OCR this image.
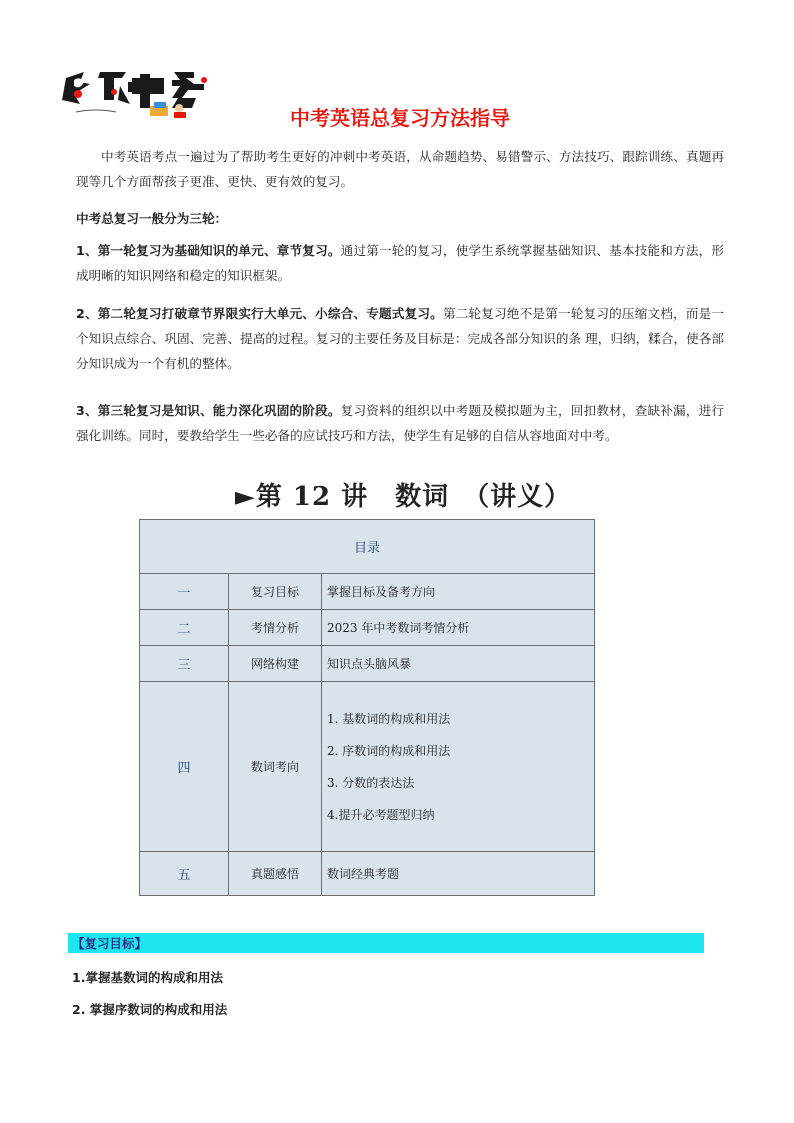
中考英语总复习方法指导
中考英语考点一遍过为了帮助考生更好的冲刺中考英语，从命题趋势、易错警示、方法技巧、跟踪训练、真题再现等几个方面帮孩子更准、更快、更有效的复习。
中考总复习一般分为三轮：
1、第一轮复习为基础知识的单元、章节复习。通过第一轮的复习，使学生系统掌握基础知识、基本技能和方法，形成明晰的知识网络和稳定的知识框架。
2、第二轮复习打破章节界限实行大单元、小综合、专题式复习。第二轮复习绝不是第一轮复习的压缩文档，而是一个知识点综合、巩固、完善、提高的过程。复习的主要任务及目标是：完成各部分知识的条 理，归纳，糅合，使各部分知识成为一个有机的整体。
3、第三轮复习是知识、能力深化巩固的阶段。复习资料的组织以中考题及模拟题为主，回扣教材，查缺补漏，进行强化训练。同时，要教给学生一些必备的应试技巧和方法，使学生有足够的自信从容地面对中考。
►第 12 讲　数词　（讲义）
目录		
一	复习目标	掌握目标及备考方向
二	考情分析	2023 年中考数词考情分析
三	网络构建	知识点头脑风暴
四	数词考向	1. 基数词的构成和用法
2. 序数词的构成和用法
3. 分数的表达法
4.提升必考题型归纳

五	真题感悟	数词经典考题
【复习目标】
1.掌握基数词的构成和用法
2. 掌握序数词的构成和用法
